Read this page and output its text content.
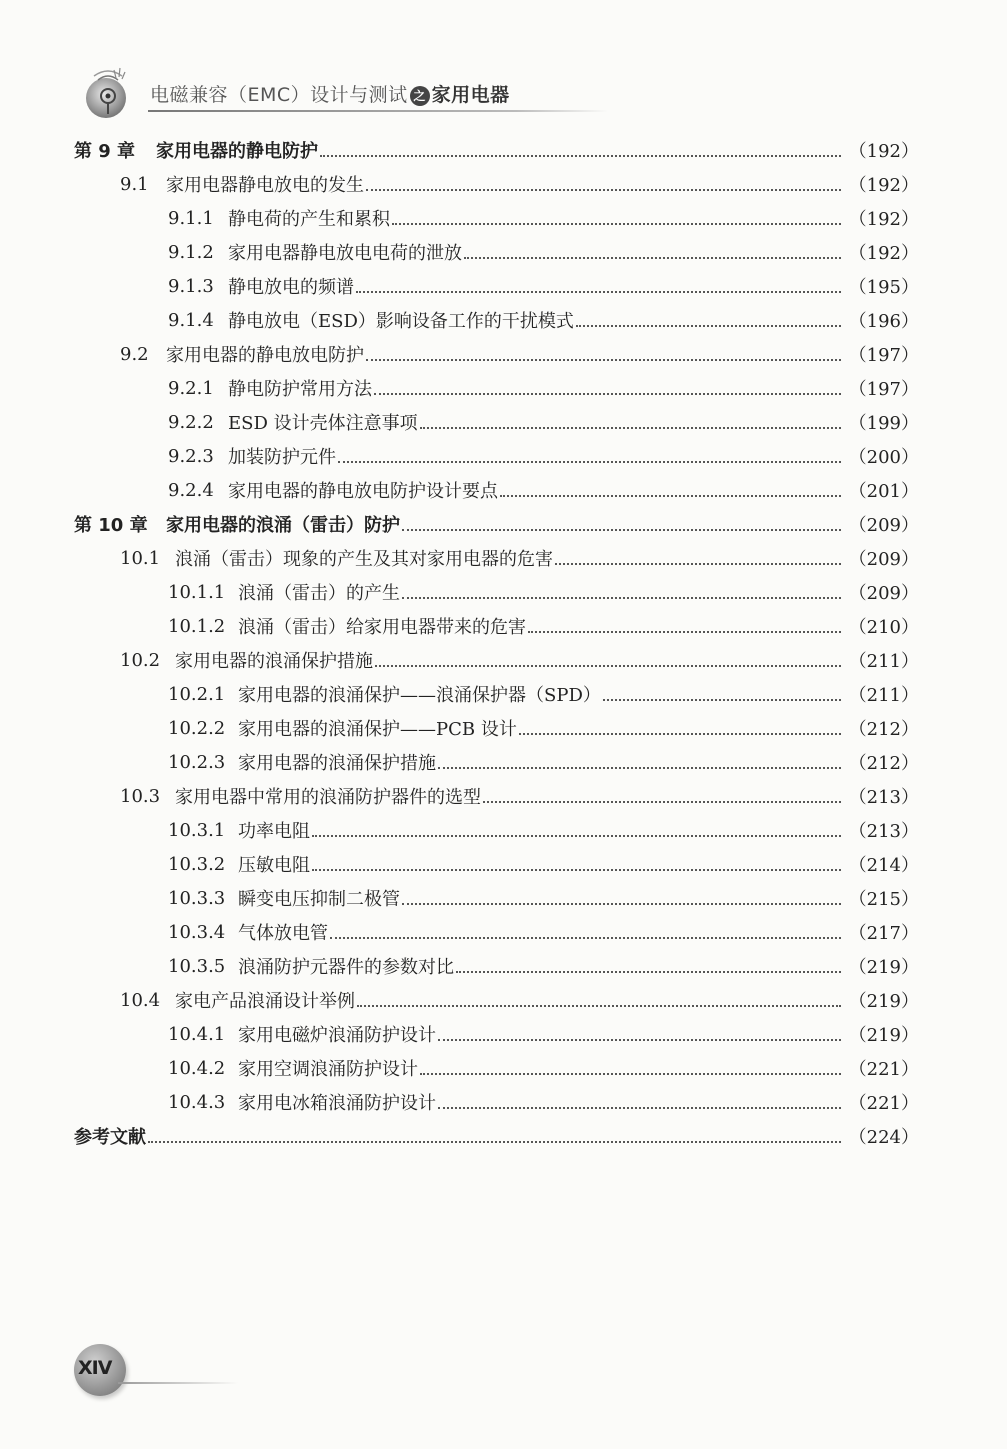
电磁兼容（EMC）设计与测试 之 家用电器
第 9 章	家用电器的静电防护	（192）
9.1 家用电器静电放电的发生	（192）
9.1.1 静电荷的产生和累积	（192）
9.1.2 家用电器静电放电电荷的泄放	（192）
9.1.3 静电放电的频谱	（195）
9.1.4 静电放电（ESD）影响设备工作的干扰模式	（196）
9.2 家用电器的静电放电防护	（197）
9.2.1 静电防护常用方法	（197）
9.2.2 ESD 设计壳体注意事项	（199）
9.2.3 加装防护元件	（200）
9.2.4 家用电器的静电放电防护设计要点	（201）
第 10 章	家用电器的浪涌（雷击）防护	（209）
10.1 浪涌（雷击）现象的产生及其对家用电器的危害	（209）
10.1.1 浪涌（雷击）的产生	（209）
10.1.2 浪涌（雷击）给家用电器带来的危害	（210）
10.2 家用电器的浪涌保护措施	（211）
10.2.1 家用电器的浪涌保护——浪涌保护器（SPD）	（211）
10.2.2 家用电器的浪涌保护——PCB 设计	（212）
10.2.3 家用电器的浪涌保护措施	（212）
10.3 家用电器中常用的浪涌防护器件的选型	（213）
10.3.1 功率电阻	（213）
10.3.2 压敏电阻	（214）
10.3.3 瞬变电压抑制二极管	（215）
10.3.4 气体放电管	（217）
10.3.5 浪涌防护元器件的参数对比	（219）
10.4 家电产品浪涌设计举例	（219）
10.4.1 家用电磁炉浪涌防护设计	（219）
10.4.2 家用空调浪涌防护设计	（221）
10.4.3 家用电冰箱浪涌防护设计	（221）
参考文献	（224）
XIV
